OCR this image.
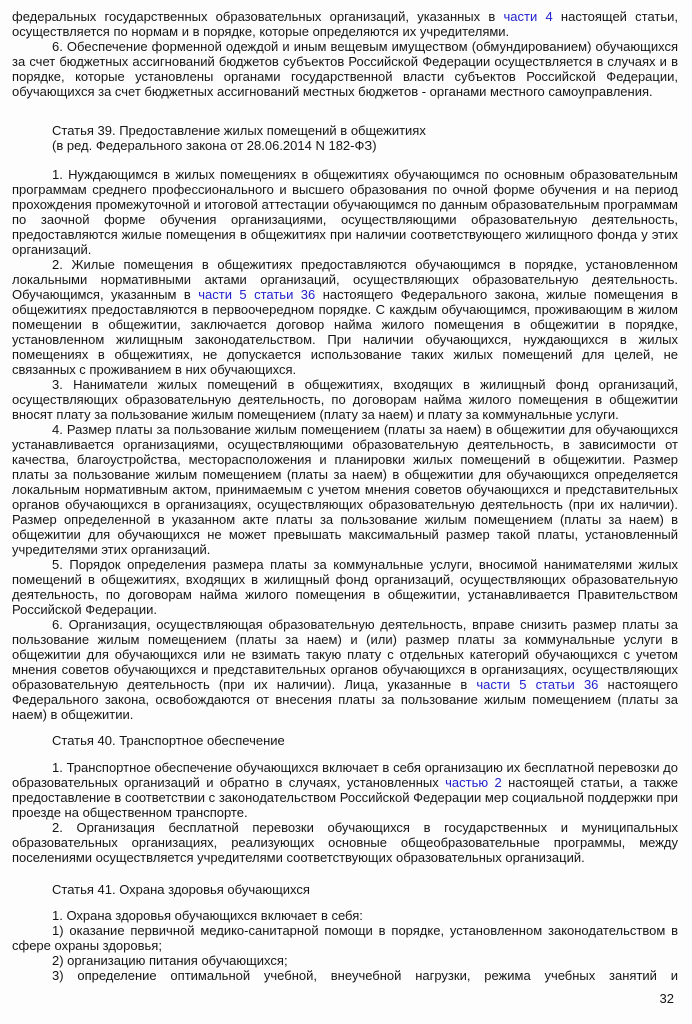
федеральных государственных образовательных организаций, указанных в части 4 настоящей статьи, осуществляется по нормам и в порядке, которые определяются их учредителями.

6. Обеспечение форменной одеждой и иным вещевым имуществом (обмундированием) обучающихся за счет бюджетных ассигнований бюджетов субъектов Российской Федерации осуществляется в случаях и в порядке, которые установлены органами государственной власти субъектов Российской Федерации, обучающихся за счет бюджетных ассигнований местных бюджетов - органами местного самоуправления.

Статья 39. Предоставление жилых помещений в общежитиях

(в ред. Федерального закона от 28.06.2014 N 182-ФЗ)

1. Нуждающимся в жилых помещениях в общежитиях обучающимся по основным образовательным программам среднего профессионального и высшего образования по очной форме обучения и на период прохождения промежуточной и итоговой аттестации обучающимся по данным образовательным программам по заочной форме обучения организациями, осуществляющими образовательную деятельность, предоставляются жилые помещения в общежитиях при наличии соответствующего жилищного фонда у этих организаций.

2. Жилые помещения в общежитиях предоставляются обучающимся в порядке, установленном локальными нормативными актами организаций, осуществляющих образовательную деятельность. Обучающимся, указанным в части 5 статьи 36 настоящего Федерального закона, жилые помещения в общежитиях предоставляются в первоочередном порядке. С каждым обучающимся, проживающим в жилом помещении в общежитии, заключается договор найма жилого помещения в общежитии в порядке, установленном жилищным законодательством. При наличии обучающихся, нуждающихся в жилых помещениях в общежитиях, не допускается использование таких жилых помещений для целей, не связанных с проживанием в них обучающихся.

3. Наниматели жилых помещений в общежитиях, входящих в жилищный фонд организаций, осуществляющих образовательную деятельность, по договорам найма жилого помещения в общежитии вносят плату за пользование жилым помещением (плату за наем) и плату за коммунальные услуги.

4. Размер платы за пользование жилым помещением (платы за наем) в общежитии для обучающихся устанавливается организациями, осуществляющими образовательную деятельность, в зависимости от качества, благоустройства, месторасположения и планировки жилых помещений в общежитии. Размер платы за пользование жилым помещением (платы за наем) в общежитии для обучающихся определяется локальным нормативным актом, принимаемым с учетом мнения советов обучающихся и представительных органов обучающихся в организациях, осуществляющих образовательную деятельность (при их наличии). Размер определенной в указанном акте платы за пользование жилым помещением (платы за наем) в общежитии для обучающихся не может превышать максимальный размер такой платы, установленный учредителями этих организаций.

5. Порядок определения размера платы за коммунальные услуги, вносимой нанимателями жилых помещений в общежитиях, входящих в жилищный фонд организаций, осуществляющих образовательную деятельность, по договорам найма жилого помещения в общежитии, устанавливается Правительством Российской Федерации.

6. Организация, осуществляющая образовательную деятельность, вправе снизить размер платы за пользование жилым помещением (платы за наем) и (или) размер платы за коммунальные услуги в общежитии для обучающихся или не взимать такую плату с отдельных категорий обучающихся с учетом мнения советов обучающихся и представительных органов обучающихся в организациях, осуществляющих образовательную деятельность (при их наличии). Лица, указанные в части 5 статьи 36 настоящего Федерального закона, освобождаются от внесения платы за пользование жилым помещением (платы за наем) в общежитии.

Статья 40. Транспортное обеспечение

1. Транспортное обеспечение обучающихся включает в себя организацию их бесплатной перевозки до образовательных организаций и обратно в случаях, установленных частью 2 настоящей статьи, а также предоставление в соответствии с законодательством Российской Федерации мер социальной поддержки при проезде на общественном транспорте.

2. Организация бесплатной перевозки обучающихся в государственных и муниципальных образовательных организациях, реализующих основные общеобразовательные программы, между поселениями осуществляется учредителями соответствующих образовательных организаций.

Статья 41. Охрана здоровья обучающихся

1. Охрана здоровья обучающихся включает в себя:

1) оказание первичной медико-санитарной помощи в порядке, установленном законодательством в сфере охраны здоровья;

2) организацию питания обучающихся;

3) определение оптимальной учебной, внеучебной нагрузки, режима учебных занятий и

32
